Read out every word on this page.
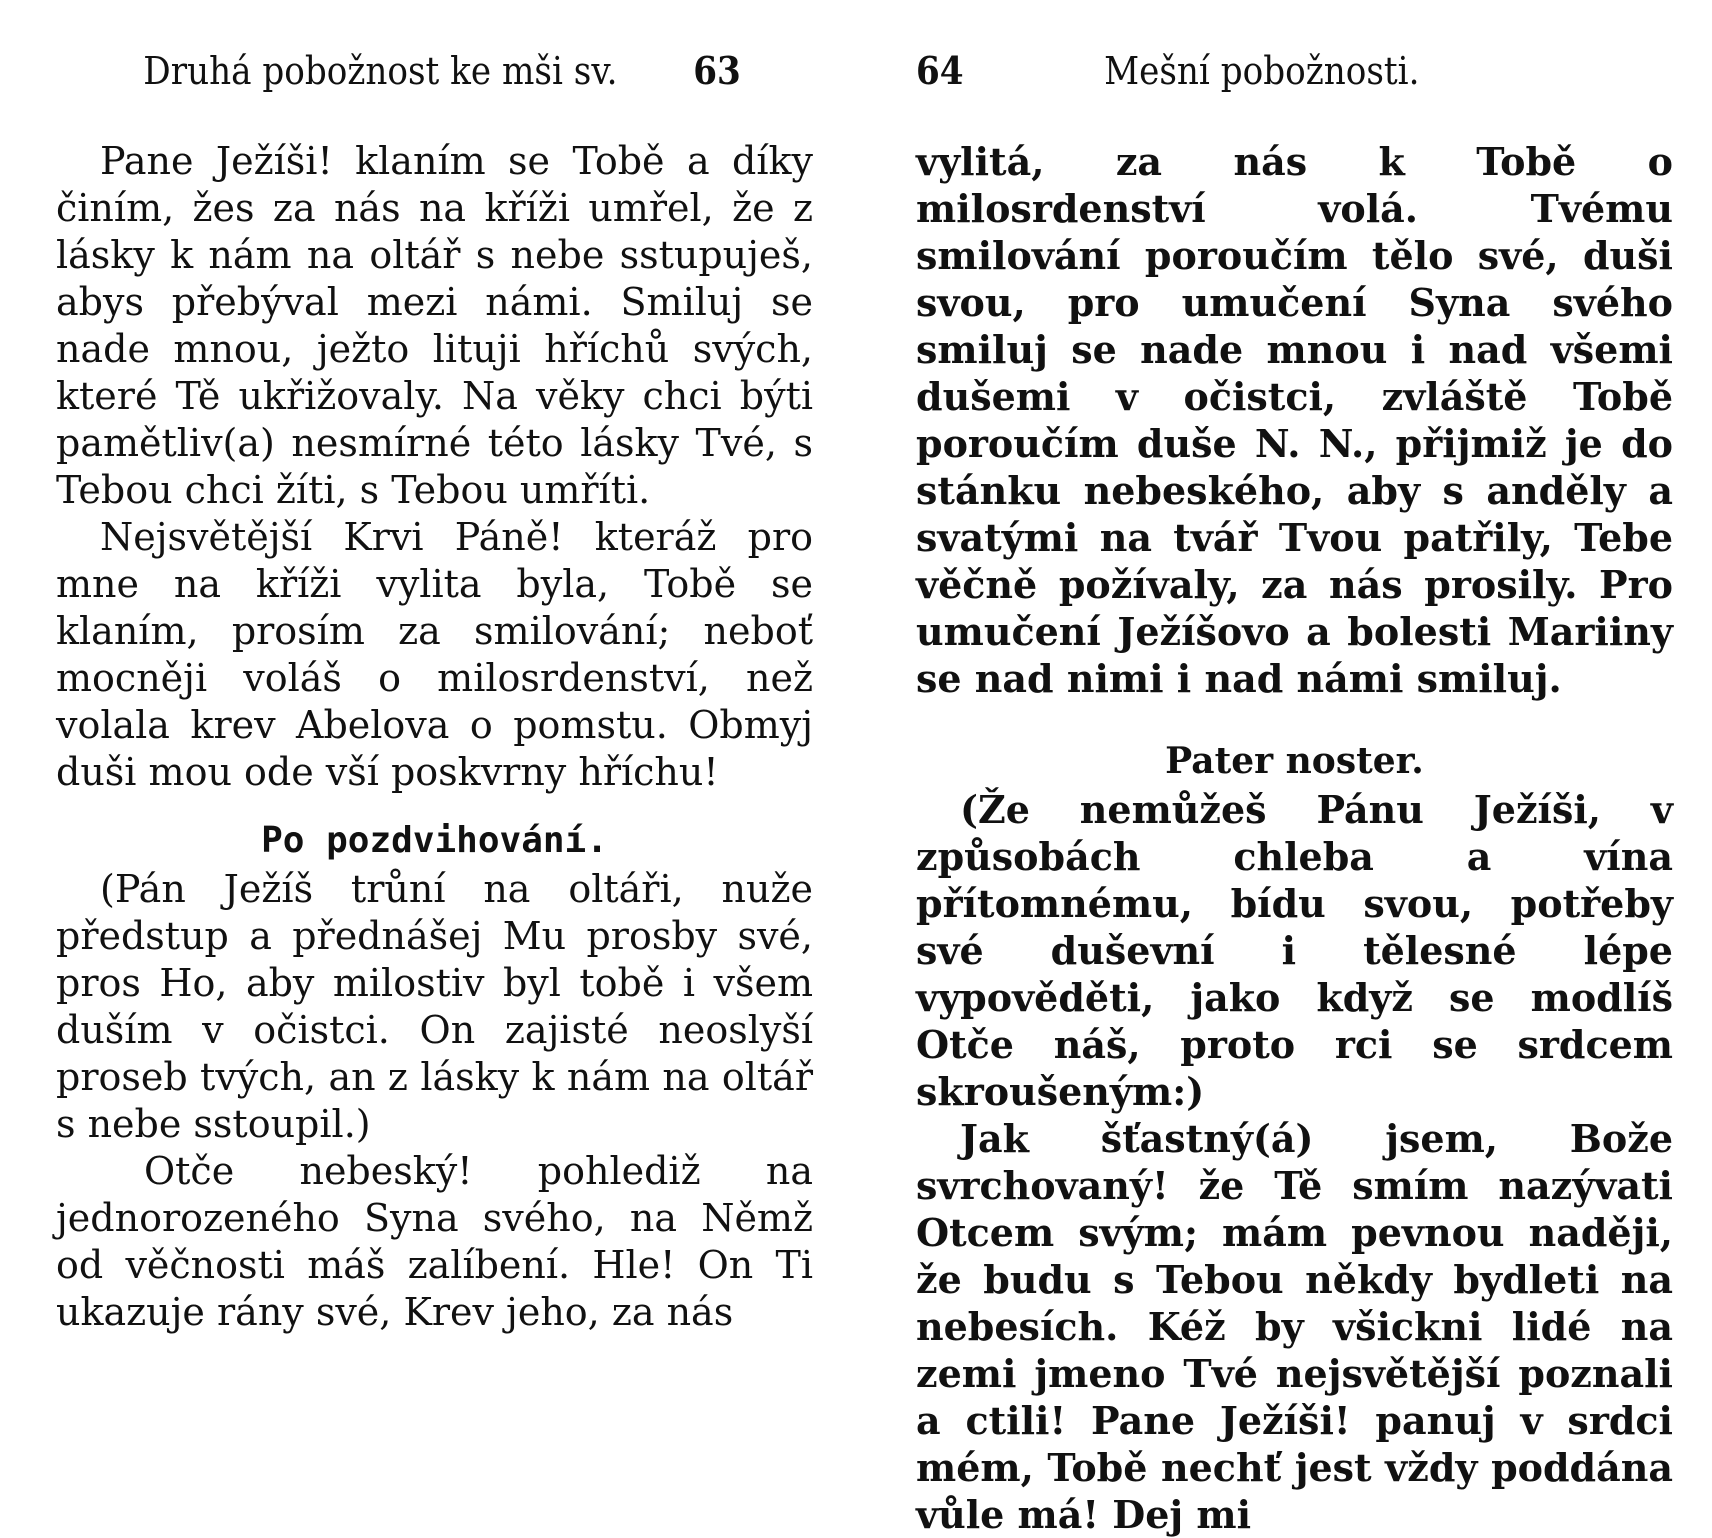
Druhá pobožnost ke mši sv. 63

Pane Ježíši! klaním se Tobě a díky činím, žes za nás na kříži umřel, že z lásky k nám na oltář s nebe sstupuješ, abys přebýval mezi námi. Smiluj se nade mnou, ježto lituji hříchů svých, které Tě ukřižovaly. Na věky chci býti pamětliv(a) nesmírné této lásky Tvé, s Tebou chci žíti, s Tebou umříti.

Nejsvětější Krvi Páně! kteráž pro mne na kříži vylita byla, Tobě se klaním, prosím za smilování; neboť mocněji voláš o milosrdenství, než volala krev Abelova o pomstu. Obmyj duši mou ode vší poskvrny hříchu!

Po pozdvihování.

(Pán Ježíš trůní na oltáři, nuže předstup a přednášej Mu prosby své, pros Ho, aby milostiv byl tobě i všem duším v očistci. On zajisté neoslyší proseb tvých, an z lásky k nám na oltář s nebe sstoupil.)

Otče nebeský! pohlediž na jednorozeného Syna svého, na Němž od věčnosti máš zalíbení. Hle! On Ti ukazuje rány své, Krev jeho, za nás

64	Mešní pobožnosti.

vylitá, za nás k Tobě o milosrdenství volá. Tvému smilování poroučím tělo své, duši svou, pro umučení Syna svého smiluj se nade mnou i nad všemi dušemi v očistci, zvláště Tobě poroučím duše N. N., přijmiž je do stánku nebeského, aby s anděly a svatými na tvář Tvou patřily, Tebe věčně požívaly, za nás prosily. Pro umučení Ježíšovo a bolesti Mariiny se nad nimi i nad námi smiluj.

Pater noster.

(Že nemůžeš Pánu Ježíši, v způsobách chleba a vína přítomnému, bídu svou, potřeby své duševní i tělesné lépe vypověděti, jako když se modlíš Otče náš, proto rci se srdcem skroušeným:)

Jak šťastný(á) jsem, Bože svrchovaný! že Tě smím nazývati Otcem svým; mám pevnou naději, že budu s Tebou někdy bydleti na nebesích. Kéž by všickni lidé na zemi jmeno Tvé nejsvětější poznali a ctili! Pane Ježíši! panuj v srdci mém, Tobě nechť jest vždy poddána vůle má! Dej mi
